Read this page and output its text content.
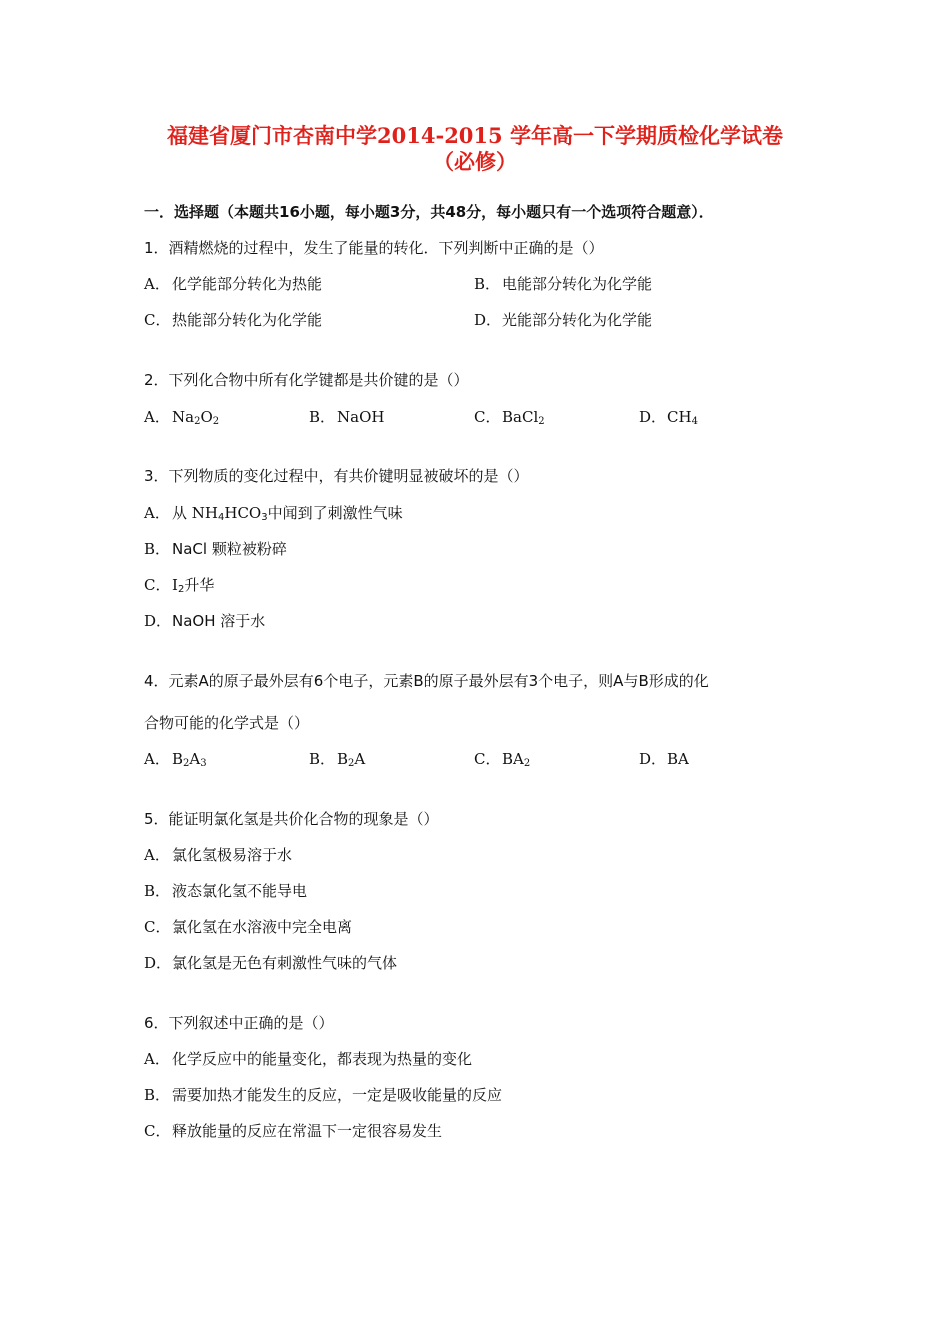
福建省厦门市杏南中学2014-2015 学年高一下学期质检化学试卷
（必修）
一．选择题（本题共16小题，每小题3分，共48分，每小题只有一个选项符合题意）．
1．酒精燃烧的过程中，发生了能量的转化．下列判断中正确的是（）
A． 化学能部分转化为热能	B． 电能部分转化为化学能
C． 热能部分转化为化学能	D．光能部分转化为化学能
2．下列化合物中所有化学键都是共价键的是（）
A． $Na_2O_2$	B． NaOH	C． BaCl$_2$	D．$CH_4$
3．下列物质的变化过程中，有共价键明显被破坏的是（）
A． 从 $NH_4HCO_3$中闻到了刺激性气味
B． NaCl 颗粒被粉碎
C． $I_2$升华
D．NaOH 溶于水
4．元素A的原子最外层有6个电子，元素B的原子最外层有3个电子，则A与B形成的化
合物可能的化学式是（）
A． $B_2A_3$	B． $B_2A$	C． $BA_2$	D．BA
5．能证明氯化氢是共价化合物的现象是（）
A． 氯化氢极易溶于水
B． 液态氯化氢不能导电
C． 氯化氢在水溶液中完全电离
D．氯化氢是无色有刺激性气味的气体
6．下列叙述中正确的是（）
A． 化学反应中的能量变化，都表现为热量的变化
B． 需要加热才能发生的反应，一定是吸收能量的反应
C． 释放能量的反应在常温下一定很容易发生
